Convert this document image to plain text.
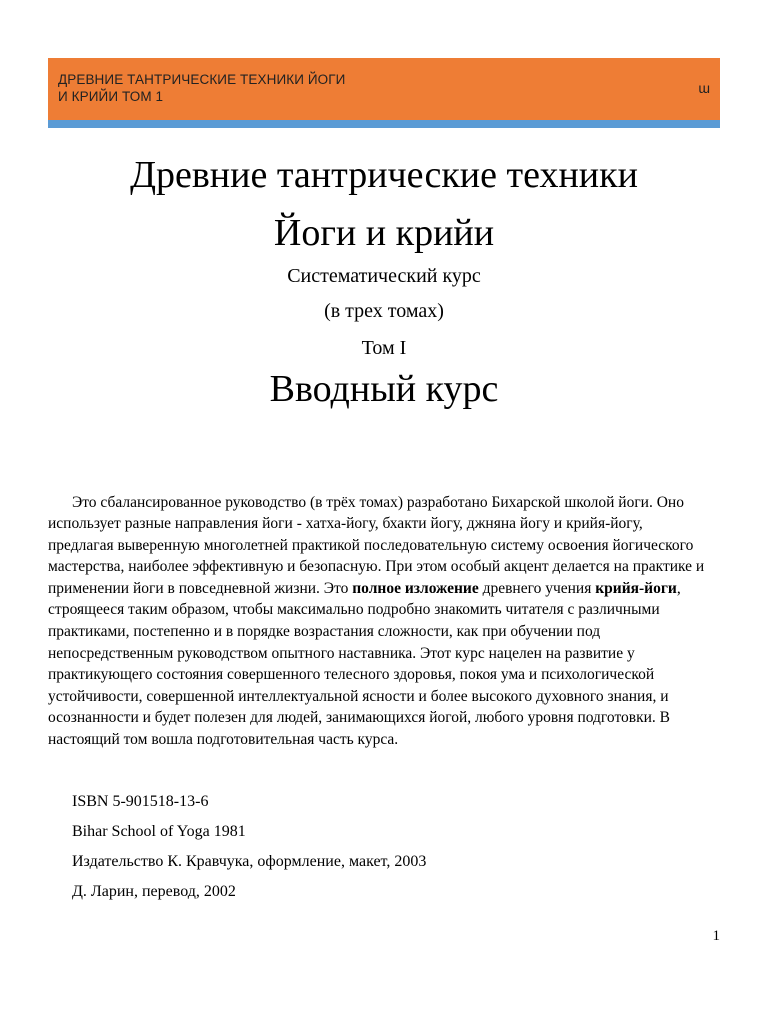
ДРЕВНИЕ ТАНТРИЧЕСКИЕ ТЕХНИКИ ЙОГИ
И КРИЙИ ТОМ 1
ɯ
Древние тантрические техники
Йоги и крийи
Систематический курс
(в трех томах)
Том I
Вводный курс

Это сбалансированное руководство (в трёх томах) разработано Бихарской школой йоги. Оно использует разные направления йоги - хатха-йогу, бхакти йогу, джняна йогу и крийя-йогу, предлагая выверенную многолетней практикой последовательную систему освоения йогического мастерства, наиболее эффективную и безопасную. При этом особый акцент делается на практике и применении йоги в повседневной жизни. Это полное изложение древнего учения крийя-йоги, строящееся таким образом, чтобы максимально подробно знакомить читателя с различными практиками, постепенно и в порядке возрастания сложности, как при обучении под непосредственным руководством опытного наставника. Этот курс нацелен на развитие у практикующего состояния совершенного телесного здоровья, покоя ума и психологической устойчивости, совершенной интеллектуальной ясности и более высокого духовного знания, и осознанности и будет полезен для людей, занимающихся йогой, любого уровня подготовки. В настоящий том вошла подготовительная часть курса.

ISBN 5-901518-13-6
Bihar School of Yoga 1981
Издательство К. Кравчука, оформление, макет, 2003
Д. Ларин, перевод, 2002
1
